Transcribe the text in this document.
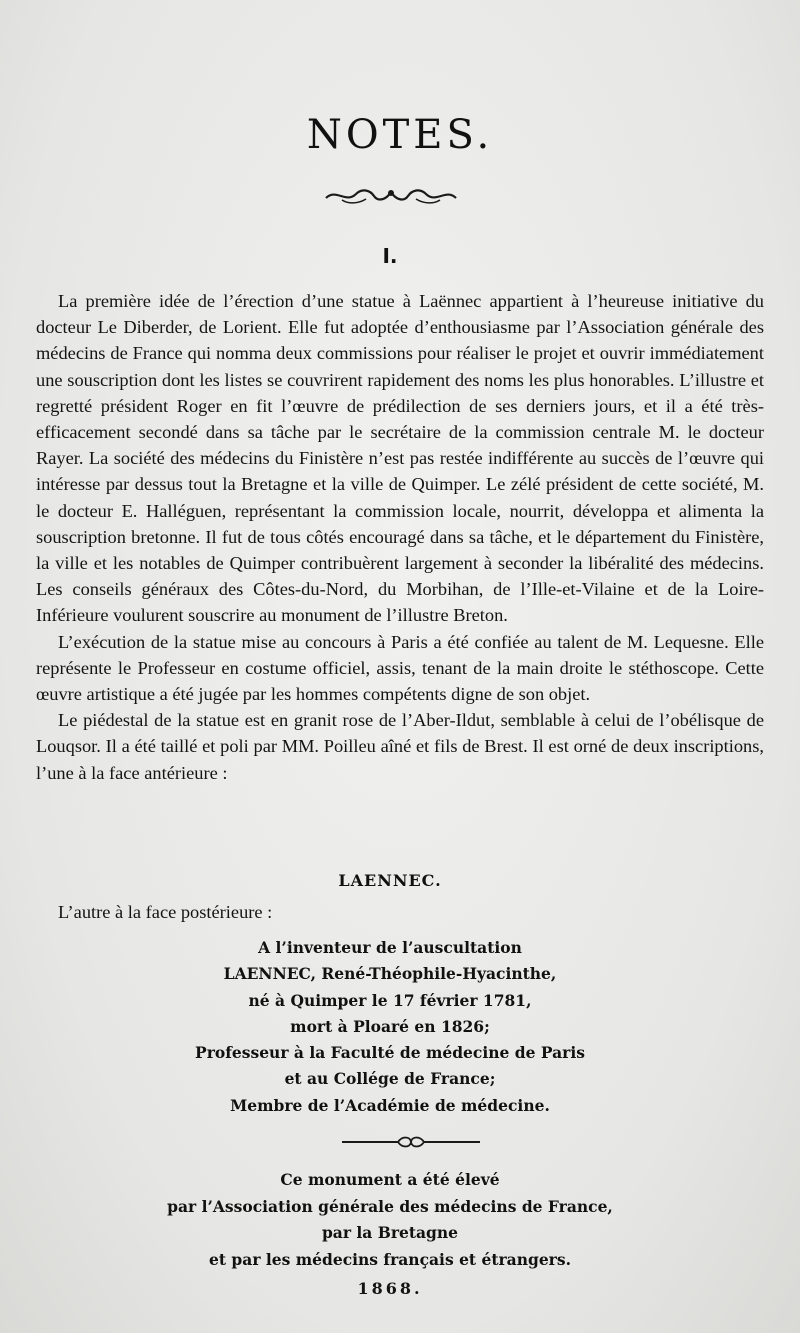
NOTES.
I.

La première idée de l’érection d’une statue à Laënnec appartient à l’heureuse initiative du docteur Le Diberder, de Lorient. Elle fut adoptée d’enthousiasme par l’Association générale des médecins de France qui nomma deux commissions pour réaliser le projet et ouvrir immédiatement une souscription dont les listes se couvrirent rapidement des noms les plus honorables. L’illustre et regretté président Roger en fit l’œuvre de prédilection de ses derniers jours, et il a été très-efficacement secondé dans sa tâche par le secrétaire de la commission centrale M. le docteur Rayer. La société des médecins du Finistère n’est pas restée indifférente au succès de l’œuvre qui intéresse par dessus tout la Bretagne et la ville de Quimper. Le zélé président de cette société, M. le docteur E. Halléguen, représentant la commission locale, nourrit, développa et alimenta la souscription bretonne. Il fut de tous côtés encouragé dans sa tâche, et le département du Finistère, la ville et les notables de Quimper contribuèrent largement à seconder la libéralité des médecins. Les conseils généraux des Côtes-du-Nord, du Morbihan, de l’Ille-et-Vilaine et de la Loire-Inférieure voulurent souscrire au monument de l’illustre Breton.

L’exécution de la statue mise au concours à Paris a été confiée au talent de M. Lequesne. Elle représente le Professeur en costume officiel, assis, tenant de la main droite le stéthoscope. Cette œuvre artistique a été jugée par les hommes compétents digne de son objet.

Le piédestal de la statue est en granit rose de l’Aber-Ildut, semblable à celui de l’obélisque de Louqsor. Il a été taillé et poli par MM. Poilleu aîné et fils de Brest. Il est orné de deux inscriptions, l’une à la face antérieure :

LAENNEC.
L’autre à la face postérieure :
A l’inventeur de l’auscultation
LAENNEC, René-Théophile-Hyacinthe,
né à Quimper le 17 février 1781,
mort à Ploaré en 1826;
Professeur à la Faculté de médecine de Paris
et au Collége de France;
Membre de l’Académie de médecine.
Ce monument a été élevé
par l’Association générale des médecins de France,
par la Bretagne
et par les médecins français et étrangers.
1868.
